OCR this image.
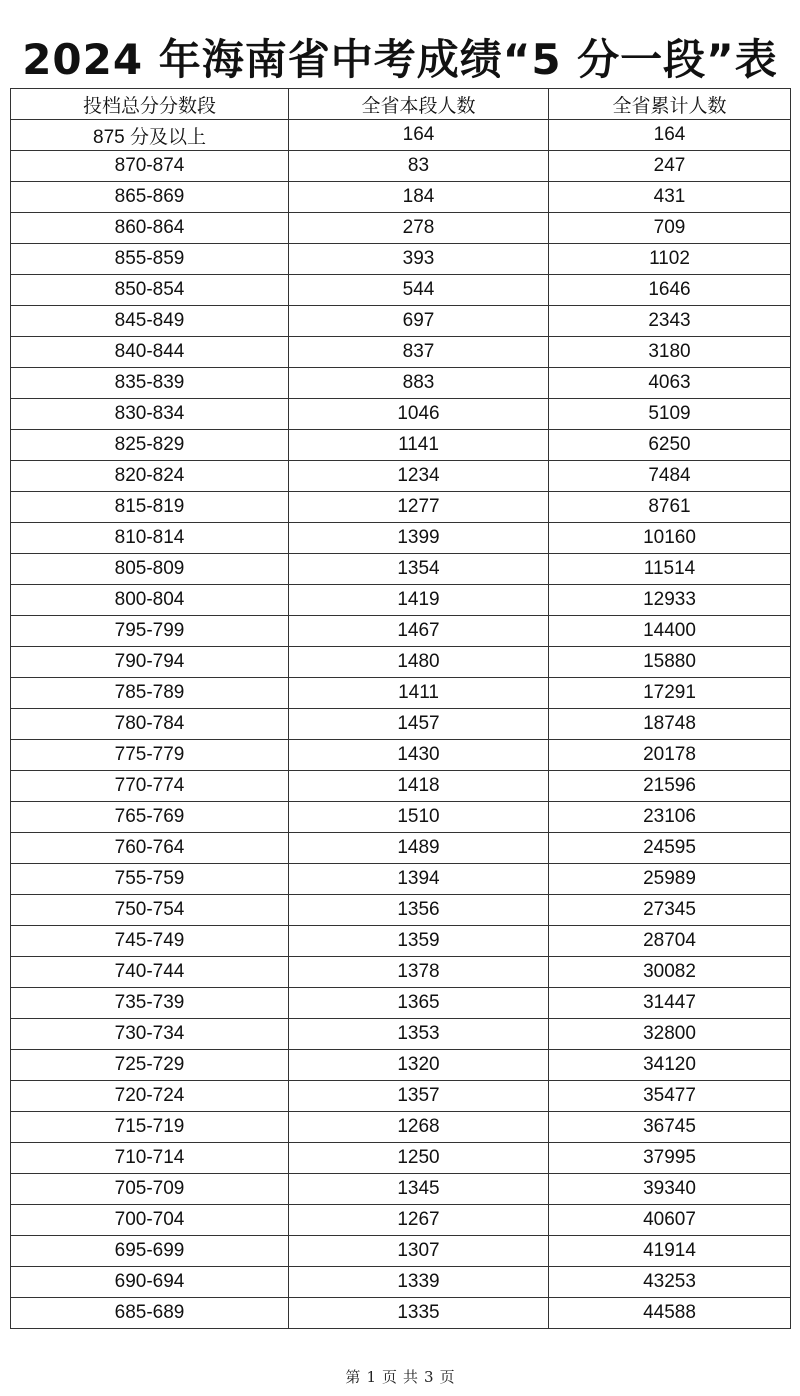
2024 年海南省中考成绩“5 分一段”表
投档总分分数段	全省本段人数	全省累计人数
875 分及以上	164	164
870-874	83	247
865-869	184	431
860-864	278	709
855-859	393	1102
850-854	544	1646
845-849	697	2343
840-844	837	3180
835-839	883	4063
830-834	1046	5109
825-829	1141	6250
820-824	1234	7484
815-819	1277	8761
810-814	1399	10160
805-809	1354	11514
800-804	1419	12933
795-799	1467	14400
790-794	1480	15880
785-789	1411	17291
780-784	1457	18748
775-779	1430	20178
770-774	1418	21596
765-769	1510	23106
760-764	1489	24595
755-759	1394	25989
750-754	1356	27345
745-749	1359	28704
740-744	1378	30082
735-739	1365	31447
730-734	1353	32800
725-729	1320	34120
720-724	1357	35477
715-719	1268	36745
710-714	1250	37995
705-709	1345	39340
700-704	1267	40607
695-699	1307	41914
690-694	1339	43253
685-689	1335	44588
第 1 页 共 3 页
